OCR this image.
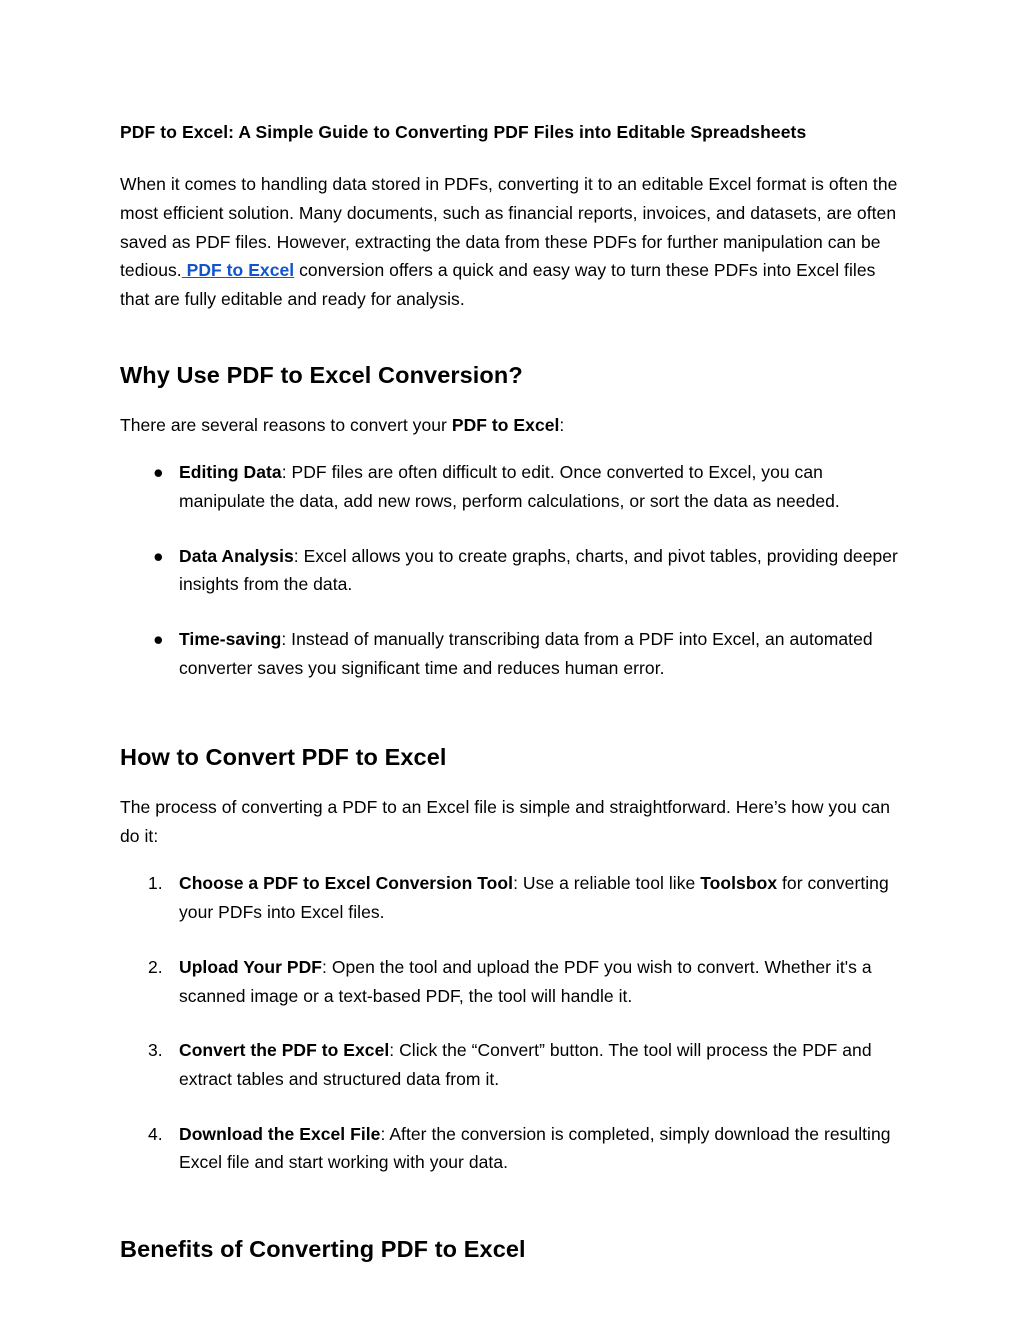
PDF to Excel: A Simple Guide to Converting PDF Files into Editable Spreadsheets

When it comes to handling data stored in PDFs, converting it to an editable Excel format is often the most efficient solution. Many documents, such as financial reports, invoices, and datasets, are often saved as PDF files. However, extracting the data from these PDFs for further manipulation can be tedious. PDF to Excel conversion offers a quick and easy way to turn these PDFs into Excel files that are fully editable and ready for analysis.

Why Use PDF to Excel Conversion?

There are several reasons to convert your PDF to Excel:

● Editing Data: PDF files are often difficult to edit. Once converted to Excel, you can manipulate the data, add new rows, perform calculations, or sort the data as needed.
● Data Analysis: Excel allows you to create graphs, charts, and pivot tables, providing deeper insights from the data.
● Time-saving: Instead of manually transcribing data from a PDF into Excel, an automated converter saves you significant time and reduces human error.
How to Convert PDF to Excel

The process of converting a PDF to an Excel file is simple and straightforward. Here’s how you can do it:

1. Choose a PDF to Excel Conversion Tool: Use a reliable tool like Toolsbox for converting your PDFs into Excel files.
2. Upload Your PDF: Open the tool and upload the PDF you wish to convert. Whether it's a scanned image or a text-based PDF, the tool will handle it.
3. Convert the PDF to Excel: Click the “Convert” button. The tool will process the PDF and extract tables and structured data from it.
4. Download the Excel File: After the conversion is completed, simply download the resulting Excel file and start working with your data.
Benefits of Converting PDF to Excel
